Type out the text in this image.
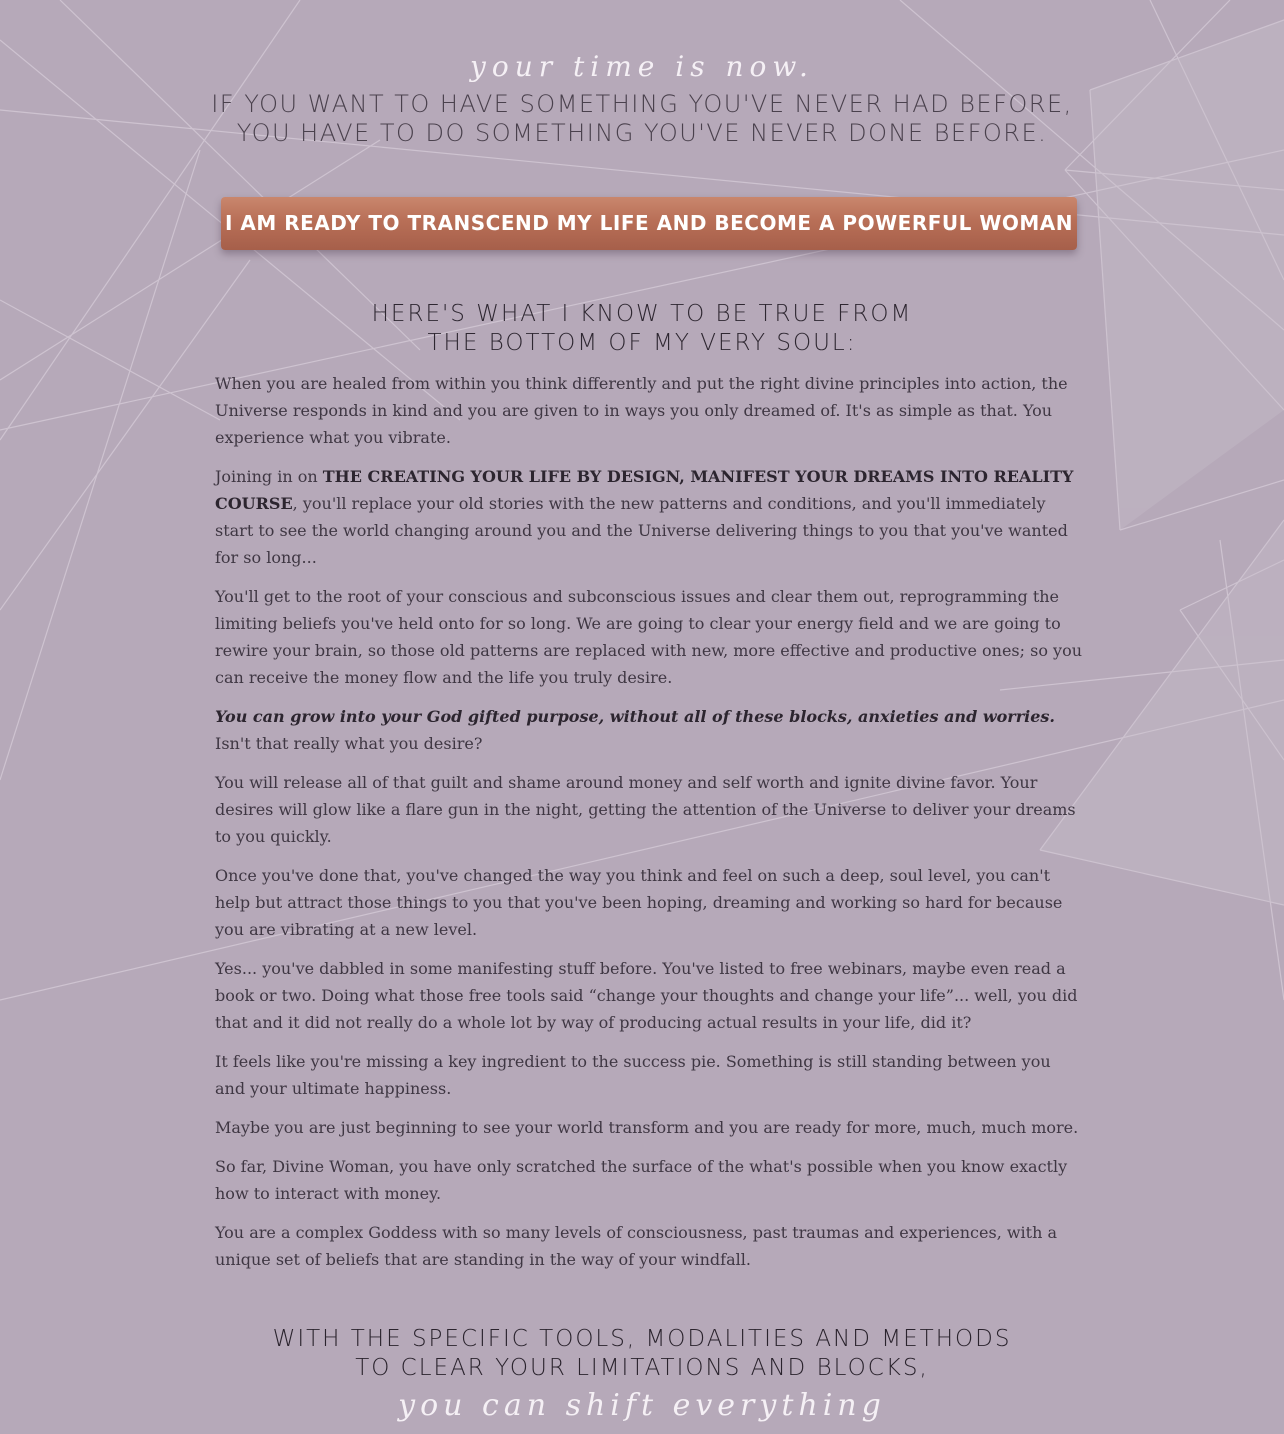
your time is now.
IF YOU WANT TO HAVE SOMETHING YOU'VE NEVER HAD BEFORE,
YOU HAVE TO DO SOMETHING YOU'VE NEVER DONE BEFORE.
I AM READY TO TRANSCEND MY LIFE AND BECOME A POWERFUL WOMAN
HERE'S WHAT I KNOW TO BE TRUE FROM
THE BOTTOM OF MY VERY SOUL:

When you are healed from within you think differently and put the right divine principles into action, the Universe responds in kind and you are given to in ways you only dreamed of. It's as simple as that. You experience what you vibrate.

Joining in on THE CREATING YOUR LIFE BY DESIGN, MANIFEST YOUR DREAMS INTO REALITY COURSE, you'll replace your old stories with the new patterns and conditions, and you'll immediately start to see the world changing around you and the Universe delivering things to you that you've wanted for so long...

You'll get to the root of your conscious and subconscious issues and clear them out, reprogramming the limiting beliefs you've held onto for so long. We are going to clear your energy field and we are going to rewire your brain, so those old patterns are replaced with new, more effective and productive ones; so you can receive the money flow and the life you truly desire.

You can grow into your God gifted purpose, without all of these blocks, anxieties and worries. Isn't that really what you desire?

You will release all of that guilt and shame around money and self worth and ignite divine favor. Your desires will glow like a flare gun in the night, getting the attention of the Universe to deliver your dreams to you quickly.

Once you've done that, you've changed the way you think and feel on such a deep, soul level, you can't help but attract those things to you that you've been hoping, dreaming and working so hard for because you are vibrating at a new level.

Yes... you've dabbled in some manifesting stuff before. You've listed to free webinars, maybe even read a book or two. Doing what those free tools said “change your thoughts and change your life”... well, you did that and it did not really do a whole lot by way of producing actual results in your life, did it?

It feels like you're missing a key ingredient to the success pie. Something is still standing between you and your ultimate happiness.

Maybe you are just beginning to see your world transform and you are ready for more, much, much more.

So far, Divine Woman, you have only scratched the surface of the what's possible when you know exactly how to interact with money.

You are a complex Goddess with so many levels of consciousness, past traumas and experiences, with a unique set of beliefs that are standing in the way of your windfall.

WITH THE SPECIFIC TOOLS, MODALITIES AND METHODS
TO CLEAR YOUR LIMITATIONS AND BLOCKS,
you can shift everything
